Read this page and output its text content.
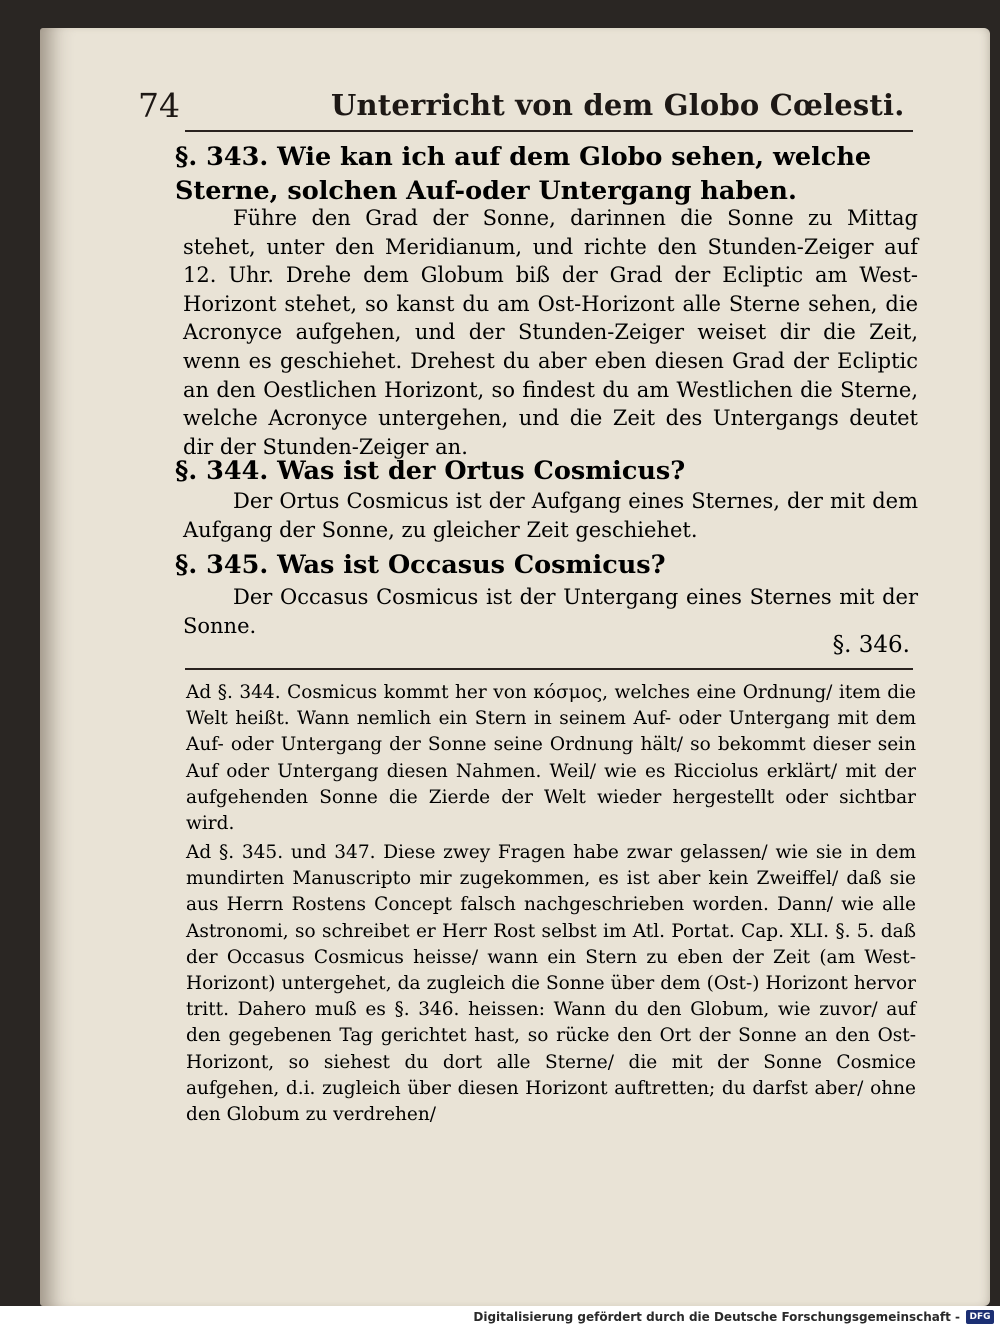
74	Unterricht von dem Globo Cœlesti.
§. 343. Wie kan ich auf dem Globo sehen, welche Sterne, solchen Auf-oder Untergang haben.
Führe den Grad der Sonne, darinnen die Sonne zu Mittag stehet, unter den Meridianum, und richte den Stunden-Zeiger auf 12. Uhr. Drehe dem Globum biß der Grad der Ecliptic am West-Horizont stehet, so kanst du am Ost-Horizont alle Sterne sehen, die Acronyce aufgehen, und der Stunden-Zeiger weiset dir die Zeit, wenn es geschiehet. Drehest du aber eben diesen Grad der Ecliptic an den Oestlichen Horizont, so findest du am Westlichen die Sterne, welche Acronyce untergehen, und die Zeit des Untergangs deutet dir der Stunden-Zeiger an.
§. 344. Was ist der Ortus Cosmicus?
Der Ortus Cosmicus ist der Aufgang eines Sternes, der mit dem Aufgang der Sonne, zu gleicher Zeit geschiehet.
§. 345. Was ist Occasus Cosmicus?
Der Occasus Cosmicus ist der Untergang eines Sternes mit der Sonne.
§. 346.
Ad §. 344. Cosmicus kommt her von κόσμος, welches eine Ordnung/ item die Welt heißt. Wann nemlich ein Stern in seinem Auf- oder Untergang mit dem Auf- oder Untergang der Sonne seine Ordnung hält/ so bekommt dieser sein Auf oder Untergang diesen Nahmen. Weil/ wie es Ricciolus erklärt/ mit der aufgehenden Sonne die Zierde der Welt wieder hergestellt oder sichtbar wird.
Ad §. 345. und 347. Diese zwey Fragen habe zwar gelassen/ wie sie in dem mundirten Manuscripto mir zugekommen, es ist aber kein Zweiffel/ daß sie aus Herrn Rostens Concept falsch nachgeschrieben worden. Dann/ wie alle Astronomi, so schreibet er Herr Rost selbst im Atl. Portat. Cap. XLI. §. 5. daß der Occasus Cosmicus heisse/ wann ein Stern zu eben der Zeit (am West-Horizont) untergehet, da zugleich die Sonne über dem (Ost-) Horizont hervor tritt. Dahero muß es §. 346. heissen: Wann du den Globum, wie zuvor/ auf den gegebenen Tag gerichtet hast, so rücke den Ort der Sonne an den Ost-Horizont, so siehest du dort alle Sterne/ die mit der Sonne Cosmice aufgehen, d.i. zugleich über diesen Horizont auftretten; du darfst aber/ ohne den Globum zu verdrehen/
Digitalisierung gefördert durch die Deutsche Forschungsgemeinschaft -	DFG
